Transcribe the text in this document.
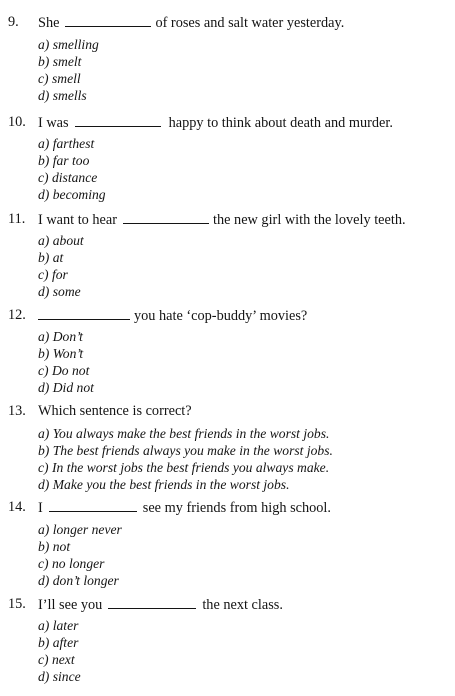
9. She	of roses and salt water yesterday.
a) smelling
b) smelt
c) smell
d) smells
10. I was	happy to think about death and murder.
a) farthest
b) far too
c) distance
d) becoming
11. I want to hear	the new girl with the lovely teeth.
a) about
b) at
c) for
d) some
12.	you hate ‘cop-buddy’ movies?
a) Don’t
b) Won’t
c) Do not
d) Did not
13. Which sentence is correct?
a) You always make the best friends in the worst jobs.
b) The best friends always you make in the worst jobs.
c) In the worst jobs the best friends you always make.
d) Make you the best friends in the worst jobs.
14. I	see my friends from high school.
a) longer never
b) not
c) no longer
d) don’t longer
15. I’ll see you	the next class.
a) later
b) after
c) next
d) since
